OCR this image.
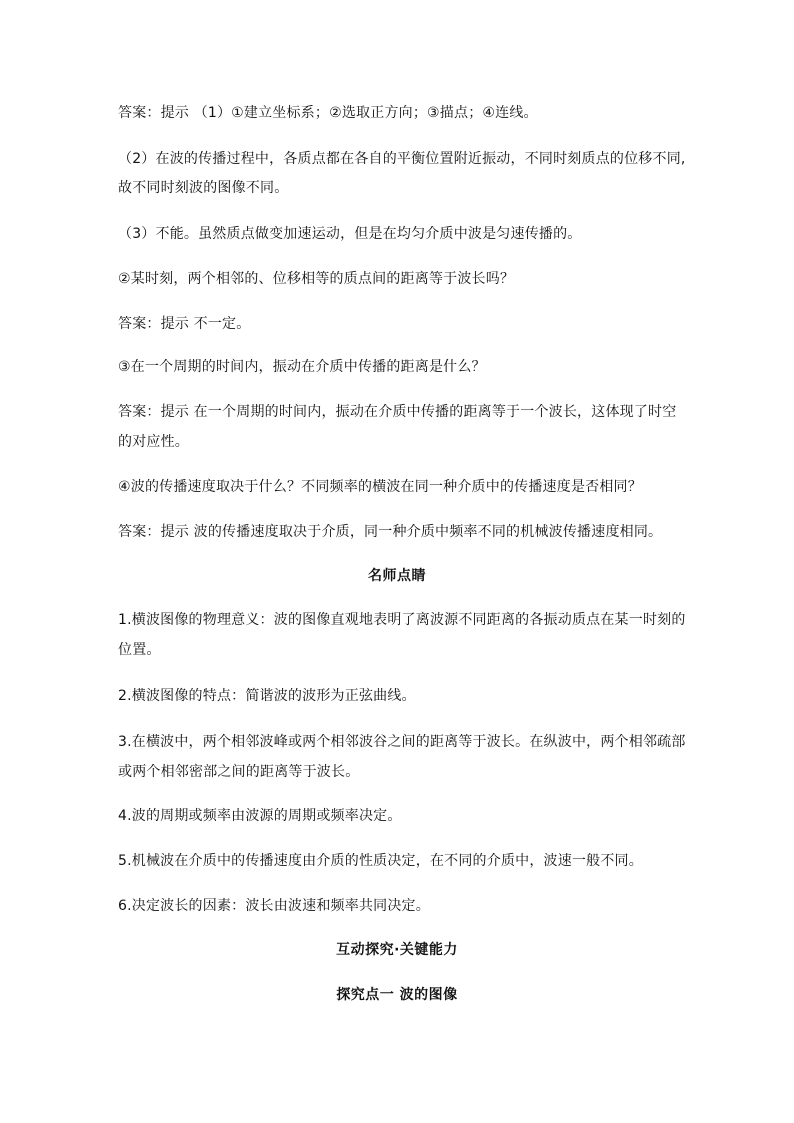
答案：提示 （1）①建立坐标系；②选取正方向；③描点；④连线。
（2）在波的传播过程中，各质点都在各自的平衡位置附近振动，不同时刻质点的位移不同,
故不同时刻波的图像不同。
（3）不能。虽然质点做变加速运动，但是在均匀介质中波是匀速传播的。
②某时刻，两个相邻的、位移相等的质点间的距离等于波长吗？
答案：提示 不一定。
③在一个周期的时间内，振动在介质中传播的距离是什么？
答案：提示 在一个周期的时间内，振动在介质中传播的距离等于一个波长，这体现了时空
的对应性。
④波的传播速度取决于什么？不同频率的横波在同一种介质中的传播速度是否相同？
答案：提示 波的传播速度取决于介质，同一种介质中频率不同的机械波传播速度相同。
名师点睛
1.横波图像的物理意义：波的图像直观地表明了离波源不同距离的各振动质点在某一时刻的
位置。
2.横波图像的特点：简谐波的波形为正弦曲线。
3.在横波中，两个相邻波峰或两个相邻波谷之间的距离等于波长。在纵波中，两个相邻疏部
或两个相邻密部之间的距离等于波长。
4.波的周期或频率由波源的周期或频率决定。
5.机械波在介质中的传播速度由介质的性质决定，在不同的介质中，波速一般不同。
6.决定波长的因素：波长由波速和频率共同决定。
互动探究·关键能力
探究点一 波的图像
